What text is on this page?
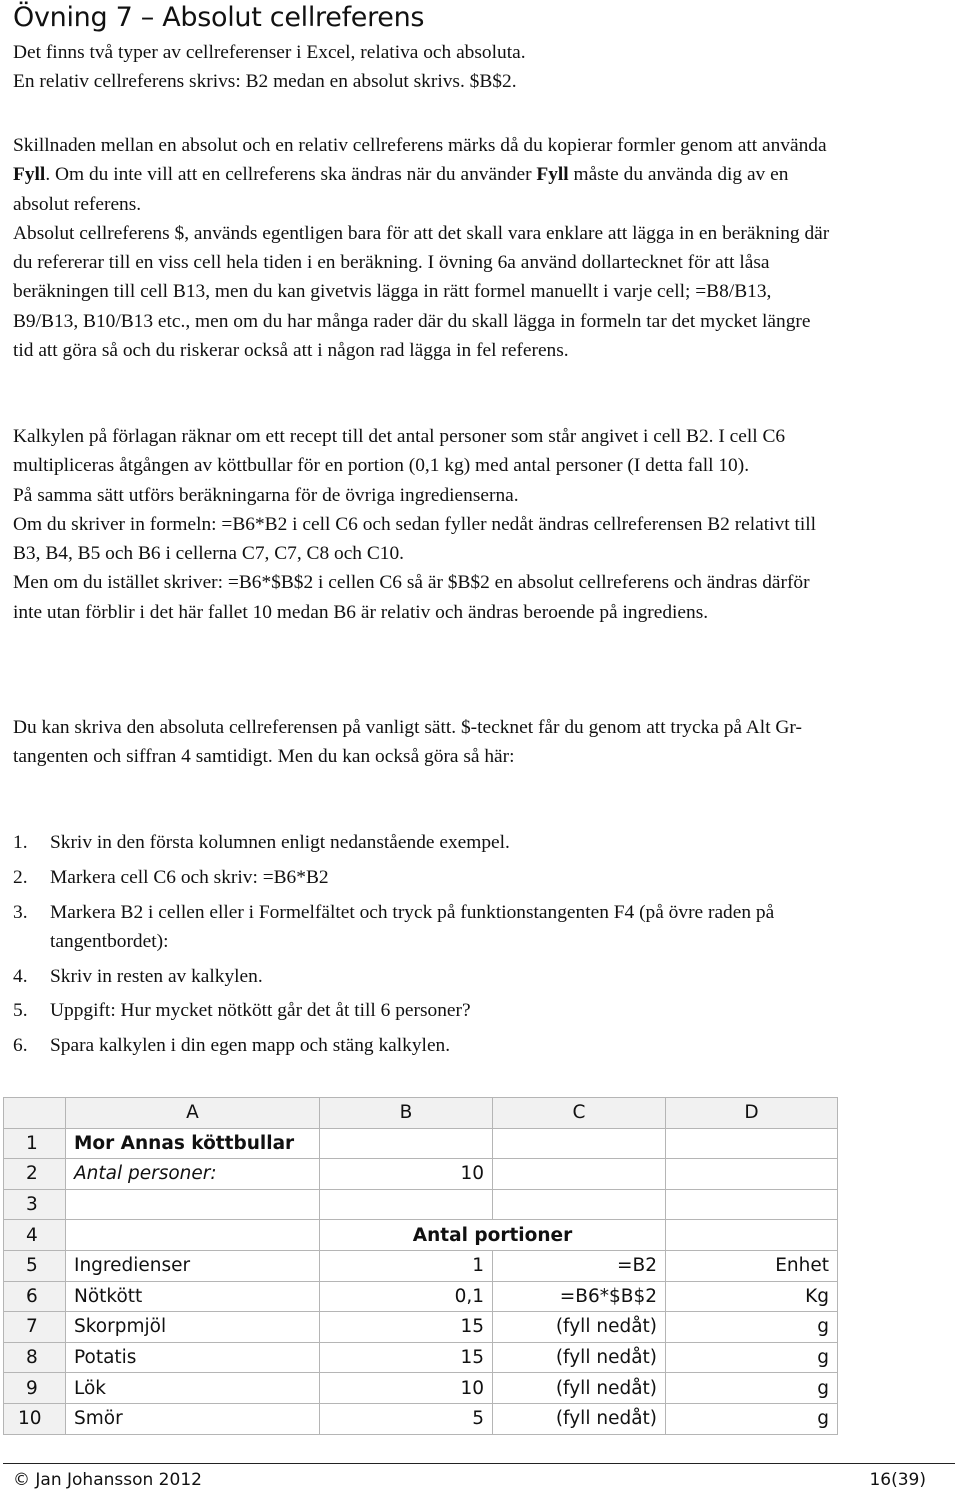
Övning 7 – Absolut cellreferens

Det finns två typer av cellreferenser i Excel, relativa och absoluta.

En relativ cellreferens skrivs: B2 medan en absolut skrivs. $B$2.

Skillnaden mellan en absolut och en relativ cellreferens märks då du kopierar formler genom att använda Fyll. Om du inte vill att en cellreferens ska ändras när du använder Fyll måste du använda dig av en absolut referens.

Absolut cellreferens $, används egentligen bara för att det skall vara enklare att lägga in en beräkning där du refererar till en viss cell hela tiden i en beräkning. I övning 6a använd dollartecknet för att låsa beräkningen till cell B13, men du kan givetvis lägga in rätt formel manuellt i varje cell; =B8/B13, B9/B13, B10/B13 etc., men om du har många rader där du skall lägga in formeln tar det mycket längre tid att göra så och du riskerar också att i någon rad lägga in fel referens.

Kalkylen på förlagan räknar om ett recept till det antal personer som står angivet i cell B2. I cell C6 multipliceras åtgången av köttbullar för en portion (0,1 kg) med antal personer (I detta fall 10).

På samma sätt utförs beräkningarna för de övriga ingredienserna.

Om du skriver in formeln: =B6*B2 i cell C6 och sedan fyller nedåt ändras cellreferensen B2 relativt till B3, B4, B5 och B6 i cellerna C7, C7, C8 och C10.

Men om du istället skriver: =B6*$B$2 i cellen C6 så är $B$2 en absolut cellreferens och ändras därför inte utan förblir i det här fallet 10 medan B6 är relativ och ändras beroende på ingrediens.

Du kan skriva den absoluta cellreferensen på vanligt sätt. $-tecknet får du genom att trycka på Alt Gr- tangenten och siffran 4 samtidigt. Men du kan också göra så här:

1. Skriv in den första kolumnen enligt nedanstående exempel.
2. Markera cell C6 och skriv: =B6*B2
3. Markera B2 i cellen eller i Formelfältet och tryck på funktionstangenten F4 (på övre raden på tangentbordet):
4. Skriv in resten av kalkylen.
5. Uppgift: Hur mycket nötkött går det åt till 6 personer?
6. Spara kalkylen i din egen mapp och stäng kalkylen.
	A	B	C	D
1	Mor Annas köttbullar			
2	Antal personer:	10		
3				
4		Antal portioner		
5	Ingredienser	1	=B2	Enhet
6	Nötkött	0,1	=B6*$B$2	Kg
7	Skorpmjöl	15	(fyll nedåt)	g
8	Potatis	15	(fyll nedåt)	g
9	Lök	10	(fyll nedåt)	g
10	Smör	5	(fyll nedåt)	g
© Jan Johansson 2012	16(39)
